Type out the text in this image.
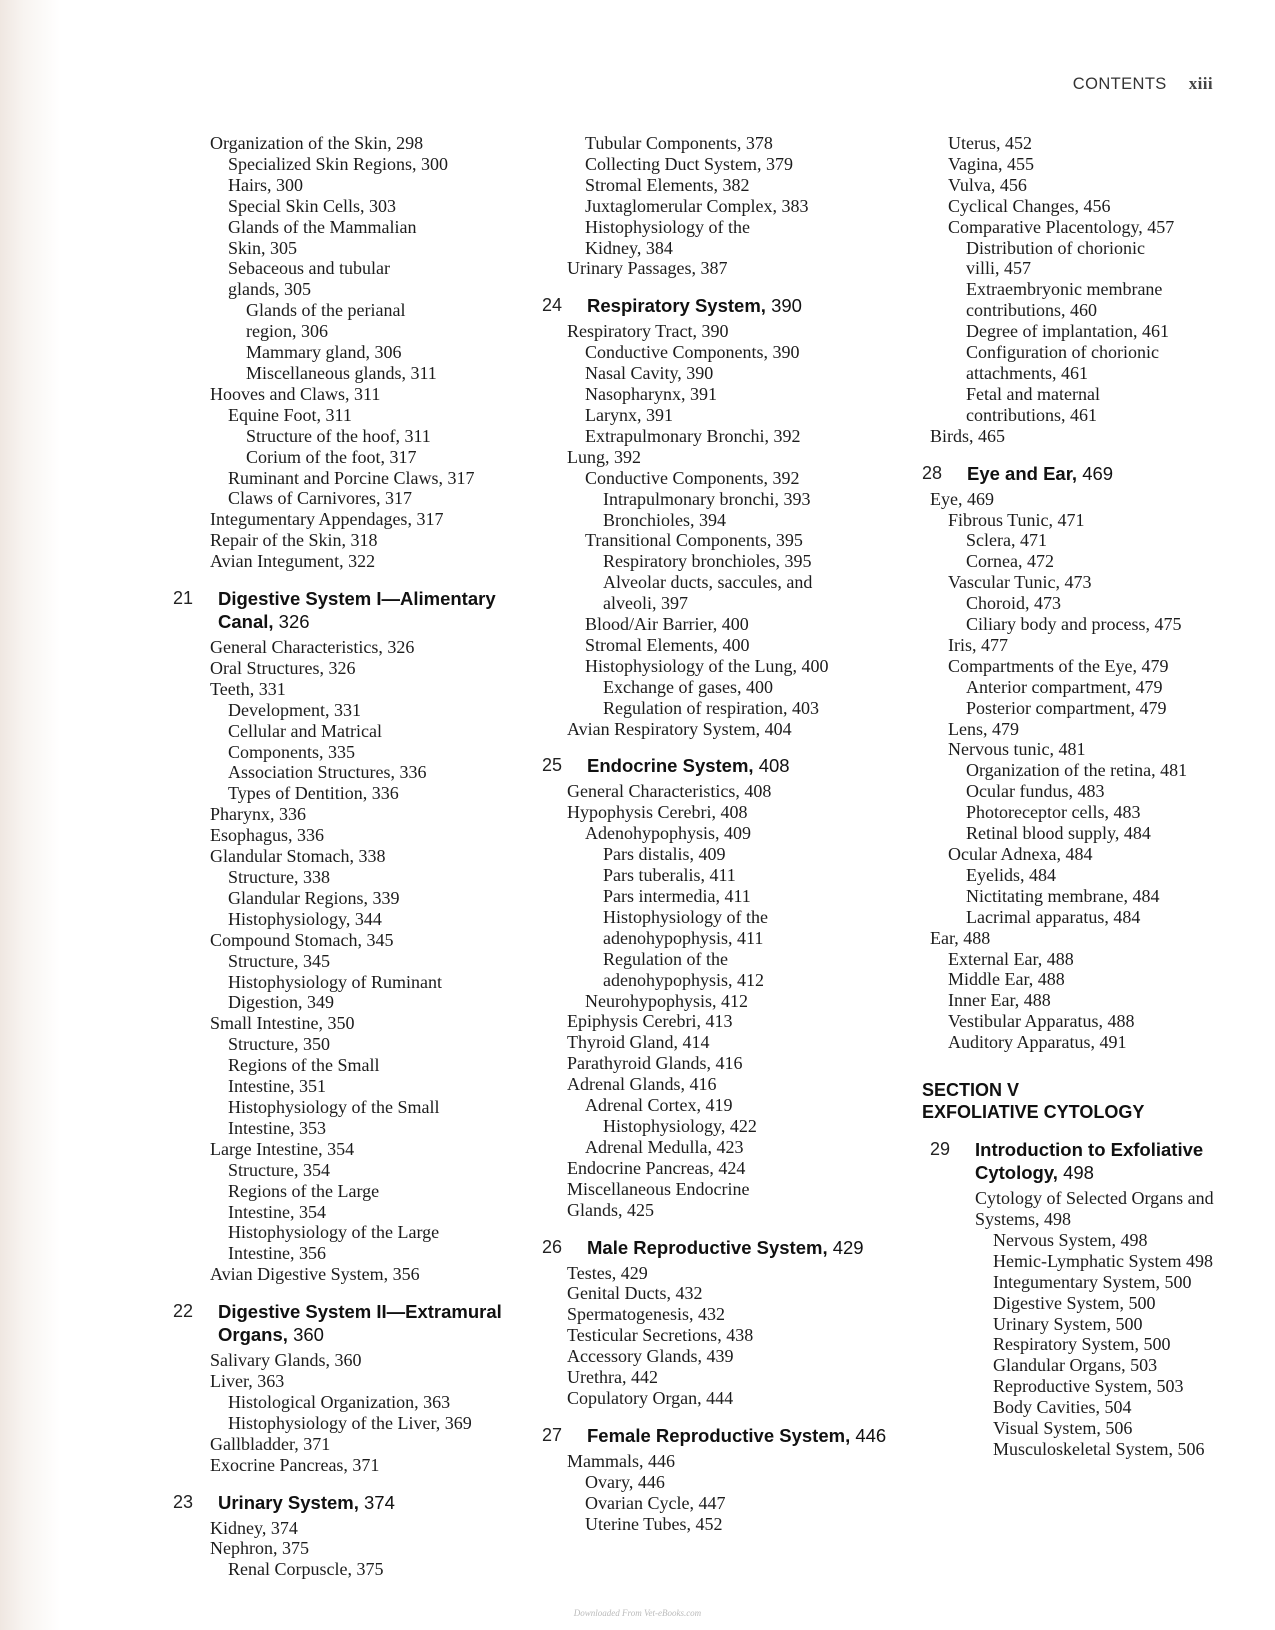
CONTENTS xiii
Organization of the Skin, 298
Specialized Skin Regions, 300
Hairs, 300
Special Skin Cells, 303
Glands of the Mammalian
Skin, 305
Sebaceous and tubular
glands, 305
Glands of the perianal
region, 306
Mammary gland, 306
Miscellaneous glands, 311
Hooves and Claws, 311
Equine Foot, 311
Structure of the hoof, 311
Corium of the foot, 317
Ruminant and Porcine Claws, 317
Claws of Carnivores, 317
Integumentary Appendages, 317
Repair of the Skin, 318
Avian Integument, 322
21	Digestive System I—Alimentary Canal, 326
General Characteristics, 326
Oral Structures, 326
Teeth, 331
Development, 331
Cellular and Matrical
Components, 335
Association Structures, 336
Types of Dentition, 336
Pharynx, 336
Esophagus, 336
Glandular Stomach, 338
Structure, 338
Glandular Regions, 339
Histophysiology, 344
Compound Stomach, 345
Structure, 345
Histophysiology of Ruminant
Digestion, 349
Small Intestine, 350
Structure, 350
Regions of the Small
Intestine, 351
Histophysiology of the Small
Intestine, 353
Large Intestine, 354
Structure, 354
Regions of the Large
Intestine, 354
Histophysiology of the Large
Intestine, 356
Avian Digestive System, 356
22	Digestive System II—Extramural Organs, 360
Salivary Glands, 360
Liver, 363
Histological Organization, 363
Histophysiology of the Liver, 369
Gallbladder, 371
Exocrine Pancreas, 371
23	Urinary System, 374
Kidney, 374
Nephron, 375
Renal Corpuscle, 375
Tubular Components, 378
Collecting Duct System, 379
Stromal Elements, 382
Juxtaglomerular Complex, 383
Histophysiology of the
Kidney, 384
Urinary Passages, 387
24	Respiratory System, 390
Respiratory Tract, 390
Conductive Components, 390
Nasal Cavity, 390
Nasopharynx, 391
Larynx, 391
Extrapulmonary Bronchi, 392
Lung, 392
Conductive Components, 392
Intrapulmonary bronchi, 393
Bronchioles, 394
Transitional Components, 395
Respiratory bronchioles, 395
Alveolar ducts, saccules, and
alveoli, 397
Blood/Air Barrier, 400
Stromal Elements, 400
Histophysiology of the Lung, 400
Exchange of gases, 400
Regulation of respiration, 403
Avian Respiratory System, 404
25	Endocrine System, 408
General Characteristics, 408
Hypophysis Cerebri, 408
Adenohypophysis, 409
Pars distalis, 409
Pars tuberalis, 411
Pars intermedia, 411
Histophysiology of the
adenohypophysis, 411
Regulation of the
adenohypophysis, 412
Neurohypophysis, 412
Epiphysis Cerebri, 413
Thyroid Gland, 414
Parathyroid Glands, 416
Adrenal Glands, 416
Adrenal Cortex, 419
Histophysiology, 422
Adrenal Medulla, 423
Endocrine Pancreas, 424
Miscellaneous Endocrine
Glands, 425
26	Male Reproductive System, 429
Testes, 429
Genital Ducts, 432
Spermatogenesis, 432
Testicular Secretions, 438
Accessory Glands, 439
Urethra, 442
Copulatory Organ, 444
27	Female Reproductive System, 446
Mammals, 446
Ovary, 446
Ovarian Cycle, 447
Uterine Tubes, 452
Uterus, 452
Vagina, 455
Vulva, 456
Cyclical Changes, 456
Comparative Placentology, 457
Distribution of chorionic
villi, 457
Extraembryonic membrane
contributions, 460
Degree of implantation, 461
Configuration of chorionic
attachments, 461
Fetal and maternal
contributions, 461
Birds, 465
28	Eye and Ear, 469
Eye, 469
Fibrous Tunic, 471
Sclera, 471
Cornea, 472
Vascular Tunic, 473
Choroid, 473
Ciliary body and process, 475
Iris, 477
Compartments of the Eye, 479
Anterior compartment, 479
Posterior compartment, 479
Lens, 479
Nervous tunic, 481
Organization of the retina, 481
Ocular fundus, 483
Photoreceptor cells, 483
Retinal blood supply, 484
Ocular Adnexa, 484
Eyelids, 484
Nictitating membrane, 484
Lacrimal apparatus, 484
Ear, 488
External Ear, 488
Middle Ear, 488
Inner Ear, 488
Vestibular Apparatus, 488
Auditory Apparatus, 491
SECTION V
EXFOLIATIVE CYTOLOGY
29	Introduction to Exfoliative Cytology, 498
Cytology of Selected Organs and
Systems, 498
Nervous System, 498
Hemic-Lymphatic System 498
Integumentary System, 500
Digestive System, 500
Urinary System, 500
Respiratory System, 500
Glandular Organs, 503
Reproductive System, 503
Body Cavities, 504
Visual System, 506
Musculoskeletal System, 506
Downloaded From Vet-eBooks.com
